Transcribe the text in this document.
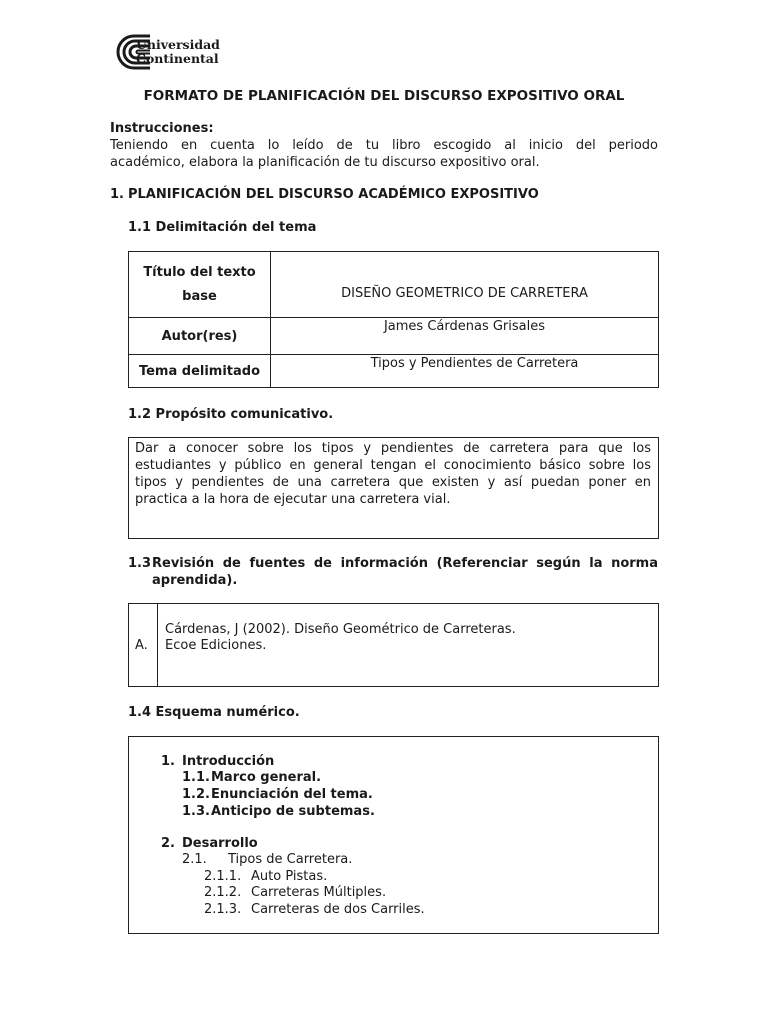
Universidad
Continental
FORMATO DE PLANIFICACIÓN DEL DISCURSO EXPOSITIVO ORAL
Instrucciones:
Teniendo en cuenta lo leído de tu libro escogido al inicio del periodo
académico, elabora la planificación de tu discurso expositivo oral.
1. PLANIFICACIÓN DEL DISCURSO ACADÉMICO EXPOSITIVO
1.1 Delimitación del tema
Título del texto
base	DISEÑO GEOMETRICO DE CARRETERA
Autor(res)	James Cárdenas Grisales
Tema delimitado	Tipos y Pendientes de Carretera
1.2 Propósito comunicativo.
Dar a conocer sobre los tipos y pendientes de carretera para que los
estudiantes y público en general tengan el conocimiento básico sobre los
tipos y pendientes de una carretera que existen y así puedan poner en
practica a la hora de ejecutar una carretera vial.
1.3 Revisión de fuentes de información (Referenciar según la norma
aprendida).
A.
Cárdenas, J (2002). Diseño Geométrico de Carreteras.
Ecoe Ediciones.
1.4 Esquema numérico.
1. Introducción
1.1. Marco general.
1.2. Enunciación del tema.
1.3. Anticipo de subtemas.
2. Desarrollo
2.1. Tipos de Carretera.
2.1.1. Auto Pistas.
2.1.2. Carreteras Múltiples.
2.1.3. Carreteras de dos Carriles.
